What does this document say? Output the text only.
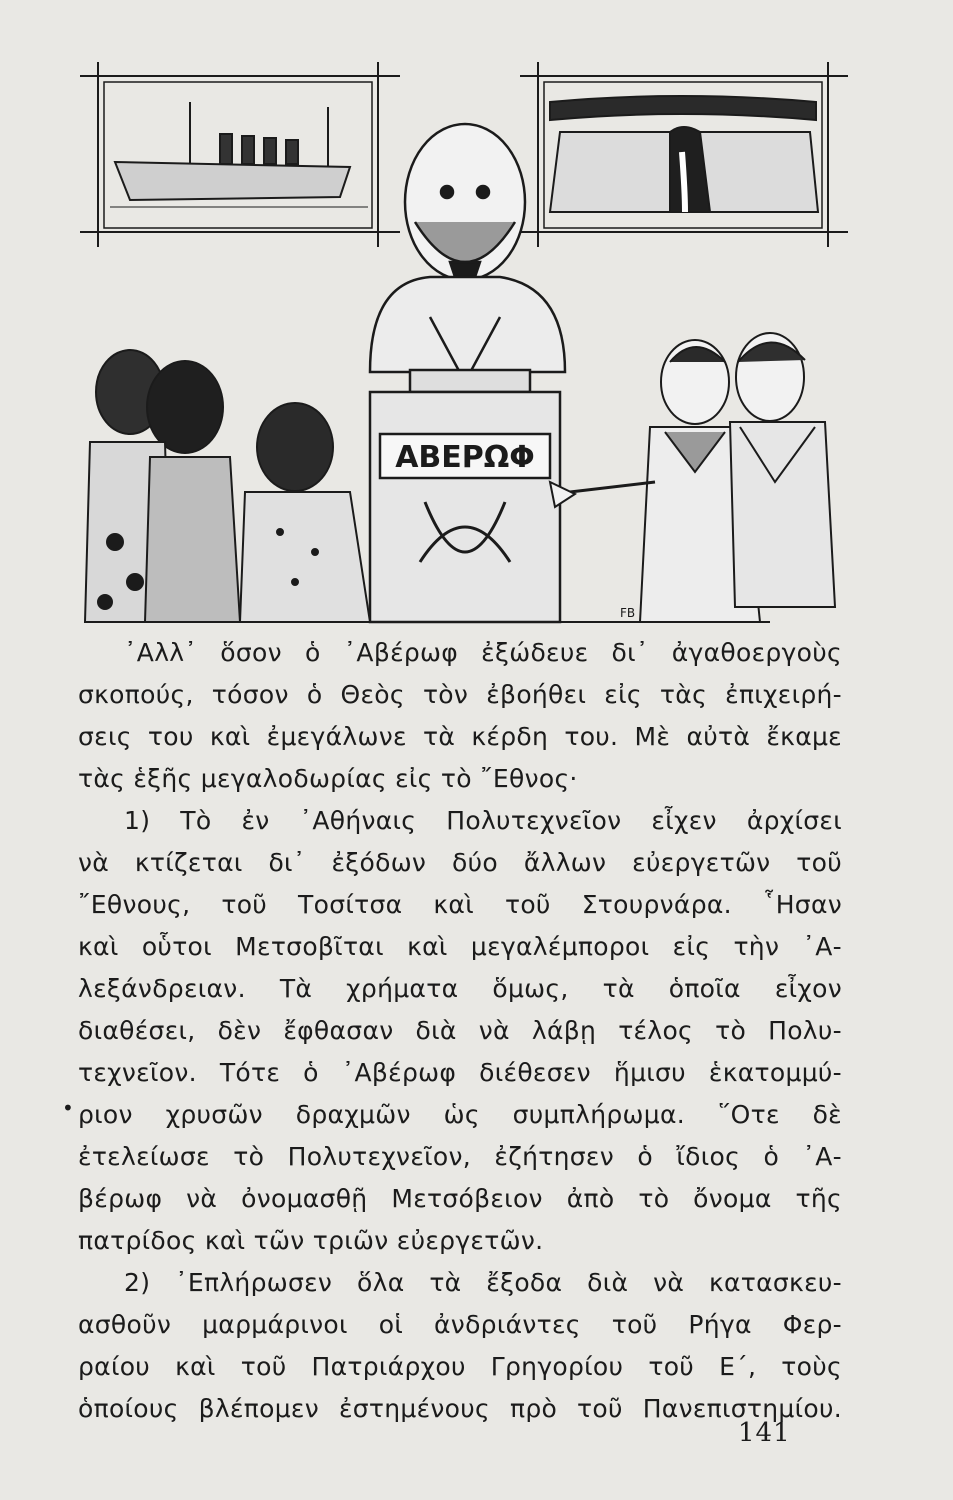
ΑΒΕΡΩΦ
FB
᾿Αλλ᾿ ὅσον ὁ ᾿Αβέρωφ ἐξώδευε δι᾿ ἀγαθοεργοὺς
σκοπούς, τόσον ὁ Θεὸς τὸν ἐβοήθει εἰς τὰς ἐπιχειρή-
σεις του καὶ ἐμεγάλωνε τὰ κέρδη του. Μὲ αὐτὰ ἔκαμε
τὰς ἑξῆς μεγαλοδωρίας εἰς τὸ ῎Εθνος·
1) Τὸ ἐν ᾿Αθήναις Πολυτεχνεῖον εἶχεν ἀρχίσει
νὰ κτίζεται δι᾿ ἐξόδων δύο ἄλλων εὐεργετῶν τοῦ
῎Εθνους, τοῦ Τοσίτσα καὶ τοῦ Στουρνάρα. ῟Ησαν
καὶ οὗτοι Μετσοβῖται καὶ μεγαλέμποροι εἰς τὴν ᾿Α-
λεξάνδρειαν. Τὰ χρήματα ὅμως, τὰ ὁποῖα εἶχον
διαθέσει, δὲν ἔφθασαν διὰ νὰ λάβῃ τέλος τὸ Πολυ-
τεχνεῖον. Τότε ὁ ᾿Αβέρωφ διέθεσεν ἥμισυ ἑκατομμύ-
ριον χρυσῶν δραχμῶν ὡς συμπλήρωμα. ῞Οτε δὲ
ἐτελείωσε τὸ Πολυτεχνεῖον, ἐζήτησεν ὁ ἴδιος ὁ ᾿Α-
βέρωφ νὰ ὀνομασθῇ Μετσόβειον ἀπὸ τὸ ὄνομα τῆς
πατρίδος καὶ τῶν τριῶν εὐεργετῶν.
2) ᾿Επλήρωσεν ὅλα τὰ ἔξοδα διὰ νὰ κατασκευ-
ασθοῦν μαρμάρινοι οἱ ἀνδριάντες τοῦ Ρήγα Φερ-
ραίου καὶ τοῦ Πατριάρχου Γρηγορίου τοῦ Ε΄, τοὺς
ὁποίους βλέπομεν ἐστημένους πρὸ τοῦ Πανεπιστημίου.
•
141
